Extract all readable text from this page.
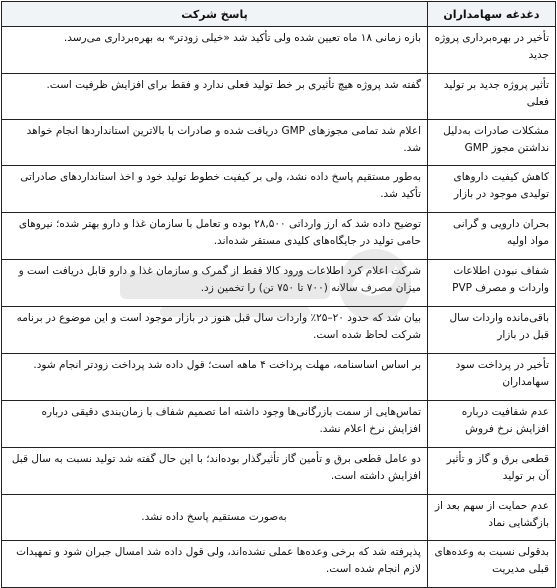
دغدغه سهامداران	پاسخ شرکت
تأخیر در بهره‌برداری پروژه جدید	بازه زمانی ۱۸ ماه تعیین شده ولی تأکید شد «خیلی زودتر» به بهره‌برداری می‌رسد.
تأثیر پروژه جدید بر تولید فعلی	گفته شد پروژه هیچ تأثیری بر خط تولید فعلی ندارد و فقط برای افزایش ظرفیت است.
مشکلات صادرات به‌دلیل نداشتن مجوز GMP	اعلام شد تمامی مجوزهای GMP دریافت شده و صادرات با بالاترین استانداردها انجام خواهد شد.
کاهش کیفیت داروهای تولیدی موجود در بازار	به‌طور مستقیم پاسخ داده نشد، ولی بر کیفیت خطوط تولید خود و اخذ استانداردهای صادراتی تأکید شد.
بحران دارویی و گرانی مواد اولیه	توضیح داده شد که ارز وارداتی ۲۸,۵۰۰ بوده و تعامل با سازمان غذا و دارو بهتر شده؛ نیروهای حامی تولید در جایگاه‌های کلیدی مستقر شده‌اند.
شفاف نبودن اطلاعات واردات و مصرف PVP	شرکت اعلام کرد اطلاعات ورود کالا فقط از گمرک و سازمان غذا و دارو قابل دریافت است و میزان مصرف سالانه (۷۰۰ تا ۷۵۰ تن) را تخمین زد.
باقی‌مانده واردات سال قبل در بازار	بیان شد که حدود ۲۰–۲۵٪ واردات سال قبل هنوز در بازار موجود است و این موضوع در برنامه شرکت لحاظ شده است.
تأخیر در پرداخت سود سهامداران	بر اساس اساسنامه، مهلت پرداخت ۴ ماهه است؛ قول داده شد پرداخت زودتر انجام شود.
عدم شفافیت درباره افزایش نرخ فروش	تماس‌هایی از سمت بازرگانی‌ها وجود داشته اما تصمیم شفاف با زمان‌بندی دقیقی درباره افزایش نرخ اعلام نشد.
قطعی برق و گاز و تأثیر آن بر تولید	دو عامل قطعی برق و تأمین گاز تأثیرگذار بوده‌اند؛ با این حال گفته شد تولید نسبت به سال قبل افزایش داشته است.
عدم حمایت از سهم بعد از بازگشایی نماد	به‌صورت مستقیم پاسخ داده نشد.
بدقولی نسبت به وعده‌های قبلی مدیریت	پذیرفته شد که برخی وعده‌ها عملی نشده‌اند، ولی قول داده شد امسال جبران شود و تمهیدات لازم انجام شده است.
